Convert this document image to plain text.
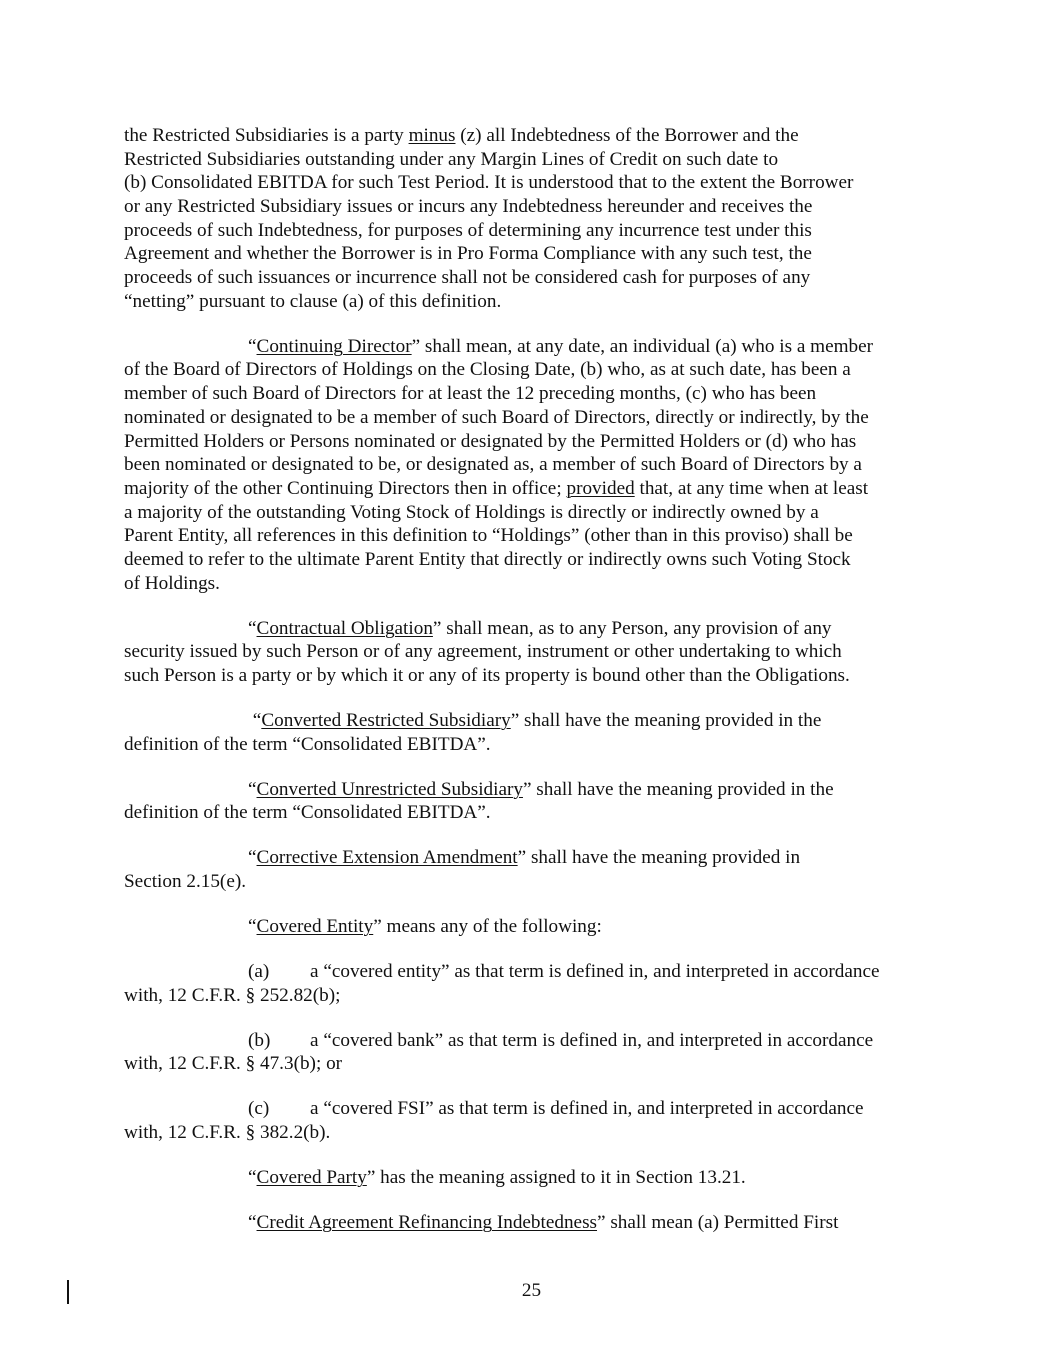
the Restricted Subsidiaries is a party minus (z) all Indebtedness of the Borrower and the
Restricted Subsidiaries outstanding under any Margin Lines of Credit on such date to
(b) Consolidated EBITDA for such Test Period. It is understood that to the extent the Borrower
or any Restricted Subsidiary issues or incurs any Indebtedness hereunder and receives the
proceeds of such Indebtedness, for purposes of determining any incurrence test under this
Agreement and whether the Borrower is in Pro Forma Compliance with any such test, the
proceeds of such issuances or incurrence shall not be considered cash for purposes of any
“netting” pursuant to clause (a) of this definition.
“Continuing Director” shall mean, at any date, an individual (a) who is a member
of the Board of Directors of Holdings on the Closing Date, (b) who, as at such date, has been a
member of such Board of Directors for at least the 12 preceding months, (c) who has been
nominated or designated to be a member of such Board of Directors, directly or indirectly, by the
Permitted Holders or Persons nominated or designated by the Permitted Holders or (d) who has
been nominated or designated to be, or designated as, a member of such Board of Directors by a
majority of the other Continuing Directors then in office; provided that, at any time when at least
a majority of the outstanding Voting Stock of Holdings is directly or indirectly owned by a
Parent Entity, all references in this definition to “Holdings” (other than in this proviso) shall be
deemed to refer to the ultimate Parent Entity that directly or indirectly owns such Voting Stock
of Holdings.
“Contractual Obligation” shall mean, as to any Person, any provision of any
security issued by such Person or of any agreement, instrument or other undertaking to which
such Person is a party or by which it or any of its property is bound other than the Obligations.
“Converted Restricted Subsidiary” shall have the meaning provided in the
definition of the term “Consolidated EBITDA”.
“Converted Unrestricted Subsidiary” shall have the meaning provided in the
definition of the term “Consolidated EBITDA”.
“Corrective Extension Amendment” shall have the meaning provided in
Section 2.15(e).
“Covered Entity” means any of the following:
(a) a “covered entity” as that term is defined in, and interpreted in accordance
with, 12 C.F.R. § 252.82(b);
(b) a “covered bank” as that term is defined in, and interpreted in accordance
with, 12 C.F.R. § 47.3(b); or
(c) a “covered FSI” as that term is defined in, and interpreted in accordance
with, 12 C.F.R. § 382.2(b).
“Covered Party” has the meaning assigned to it in Section 13.21.
“Credit Agreement Refinancing Indebtedness” shall mean (a) Permitted First
25
